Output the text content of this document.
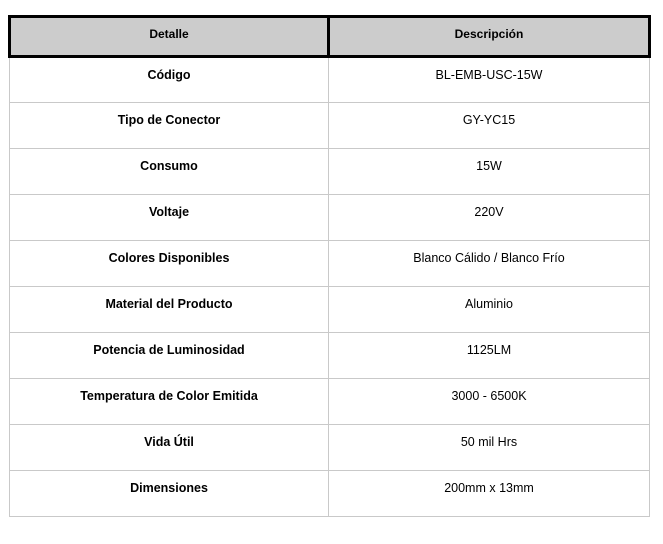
Detalle	Descripción
Código	BL-EMB-USC-15W
Tipo de Conector	GY-YC15
Consumo	15W
Voltaje	220V
Colores Disponibles	Blanco Cálido / Blanco Frío
Material del Producto	Aluminio
Potencia de Luminosidad	1125LM
Temperatura de Color Emitida	3000 - 6500K
Vida Útil	50 mil Hrs
Dimensiones	200mm x 13mm
